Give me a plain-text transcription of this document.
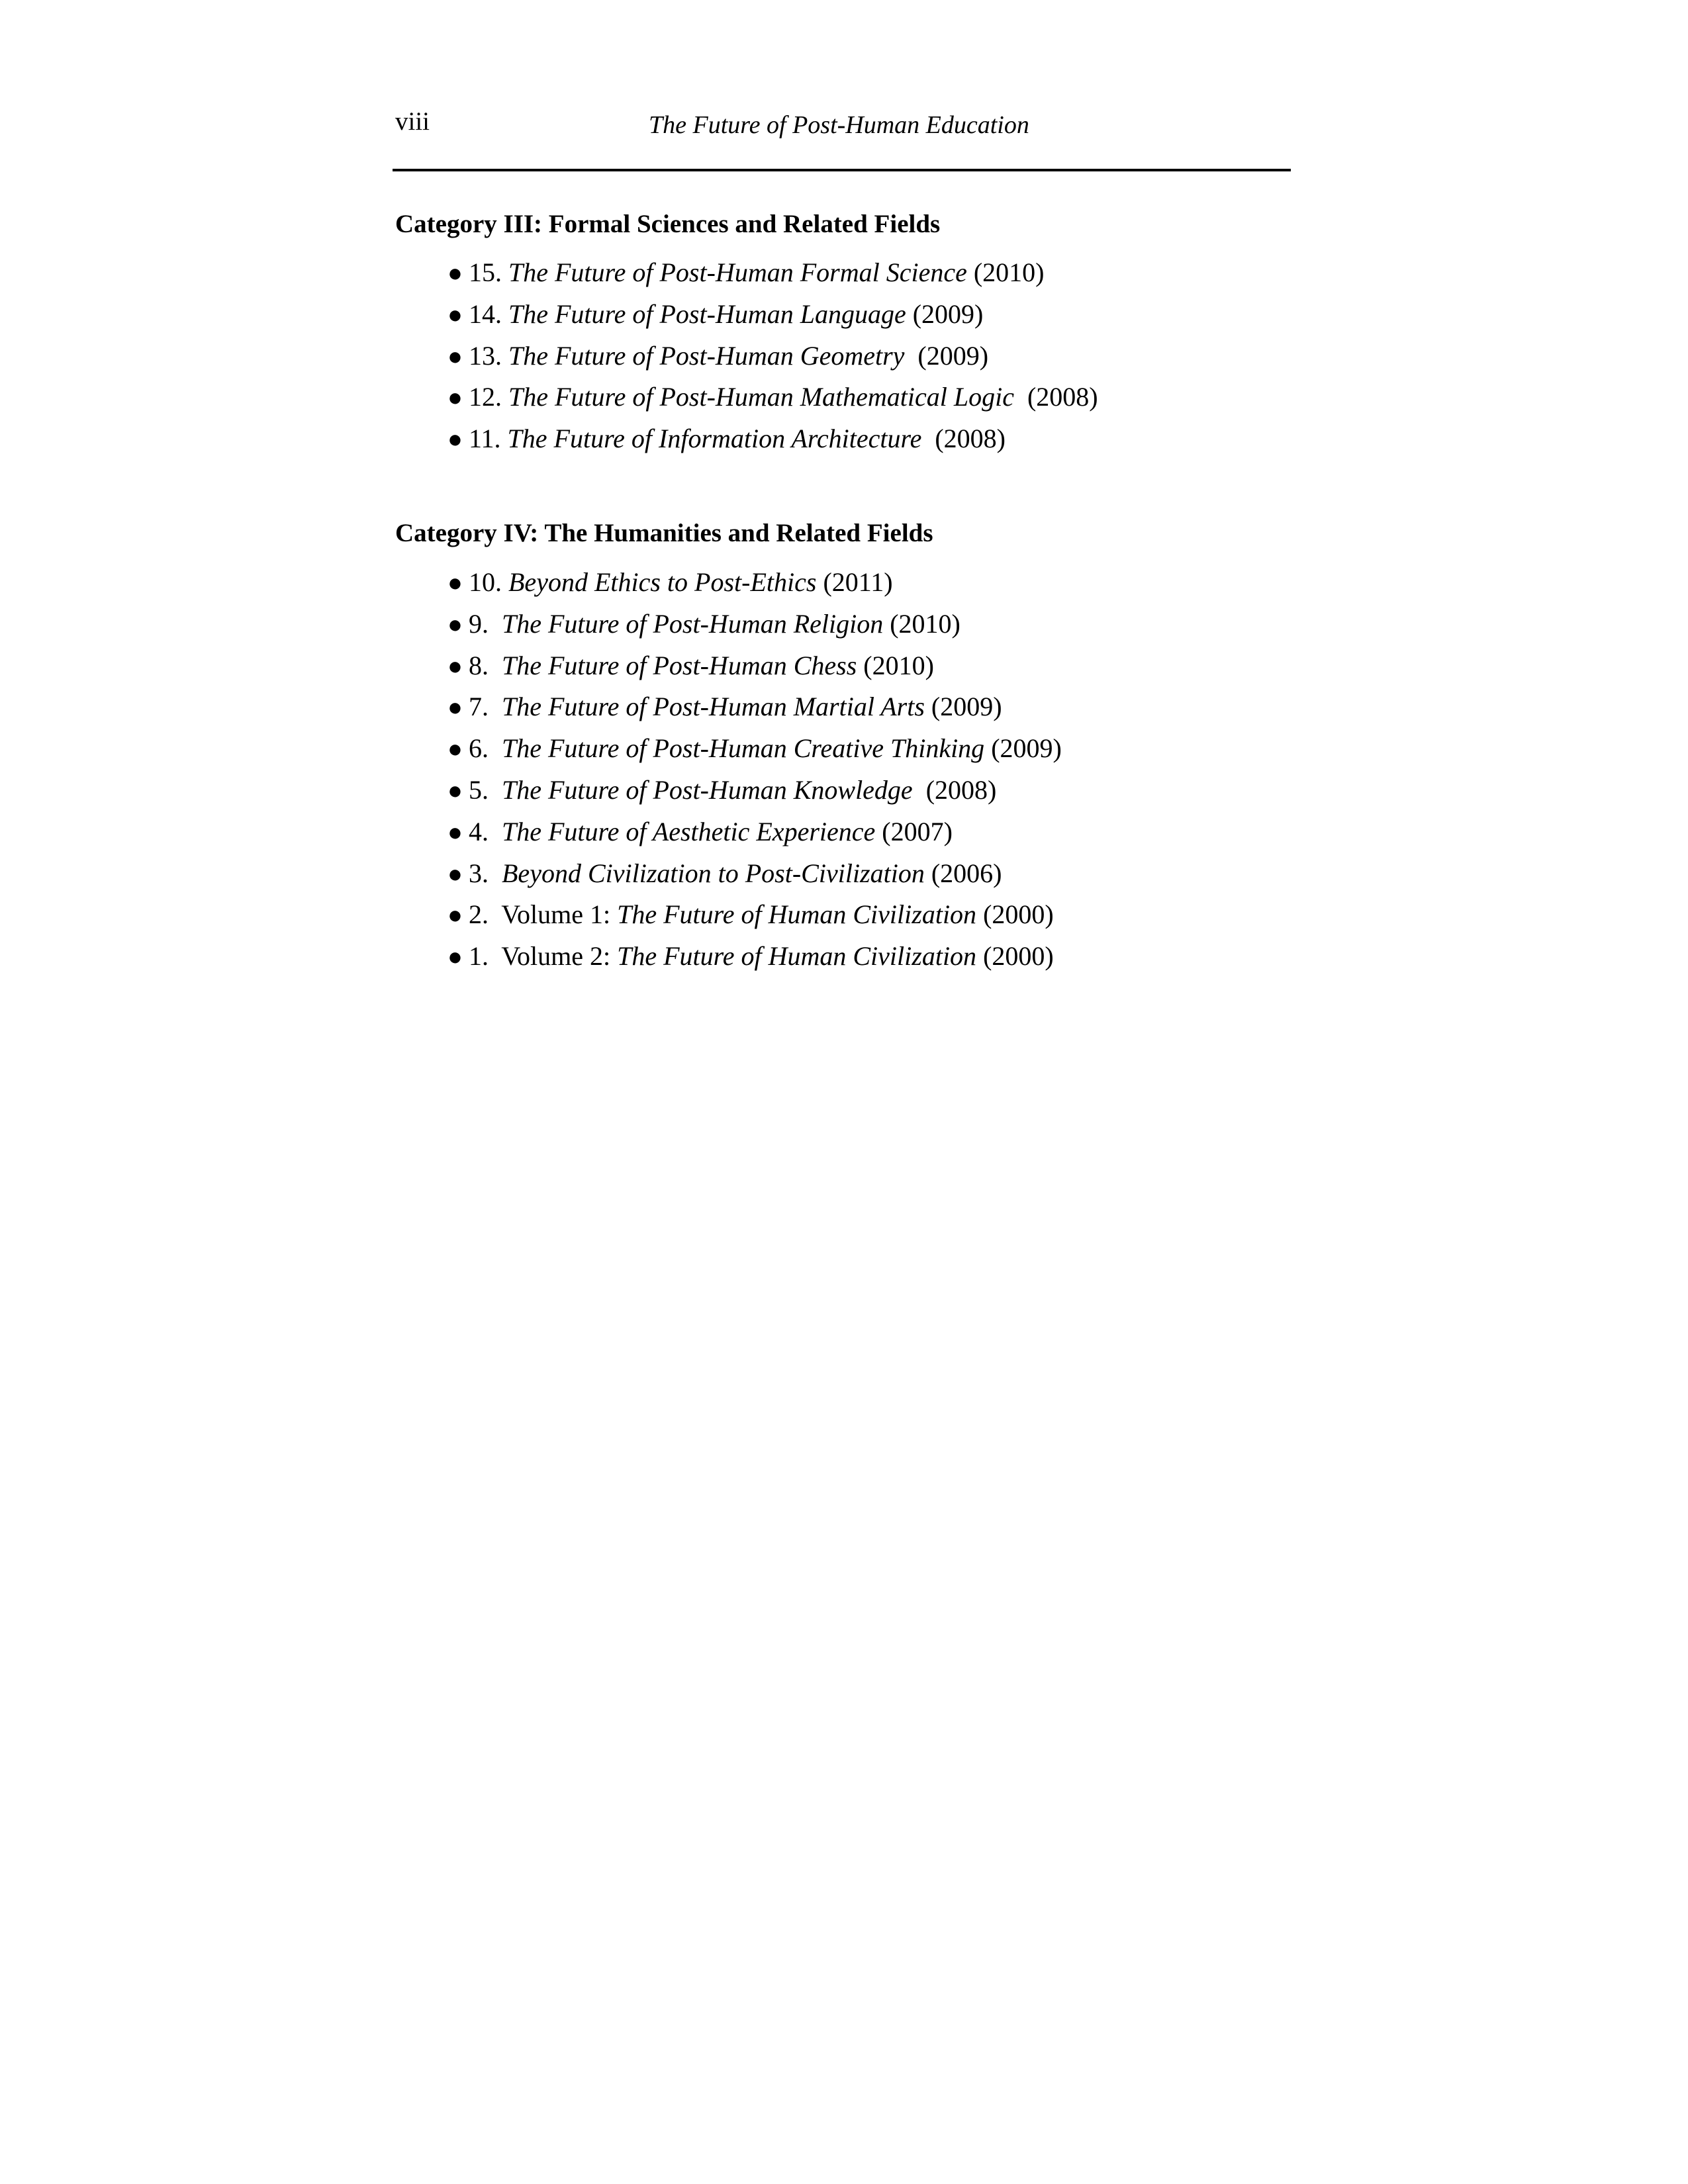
viii	The Future of Post-Human Education
Category III: Formal Sciences and Related Fields
● 15. The Future of Post-Human Formal Science (2010)
● 14. The Future of Post-Human Language (2009)
● 13. The Future of Post-Human Geometry  (2009)
● 12. The Future of Post-Human Mathematical Logic  (2008)
● 11. The Future of Information Architecture  (2008)
Category IV: The Humanities and Related Fields
● 10. Beyond Ethics to Post-Ethics (2011)
● 9.  The Future of Post-Human Religion (2010)
● 8.  The Future of Post-Human Chess (2010)
● 7.  The Future of Post-Human Martial Arts (2009)
● 6.  The Future of Post-Human Creative Thinking (2009)
● 5.  The Future of Post-Human Knowledge  (2008)
● 4.  The Future of Aesthetic Experience (2007)
● 3.  Beyond Civilization to Post-Civilization (2006)
● 2.  Volume 1: The Future of Human Civilization (2000)
● 1.  Volume 2: The Future of Human Civilization (2000)
